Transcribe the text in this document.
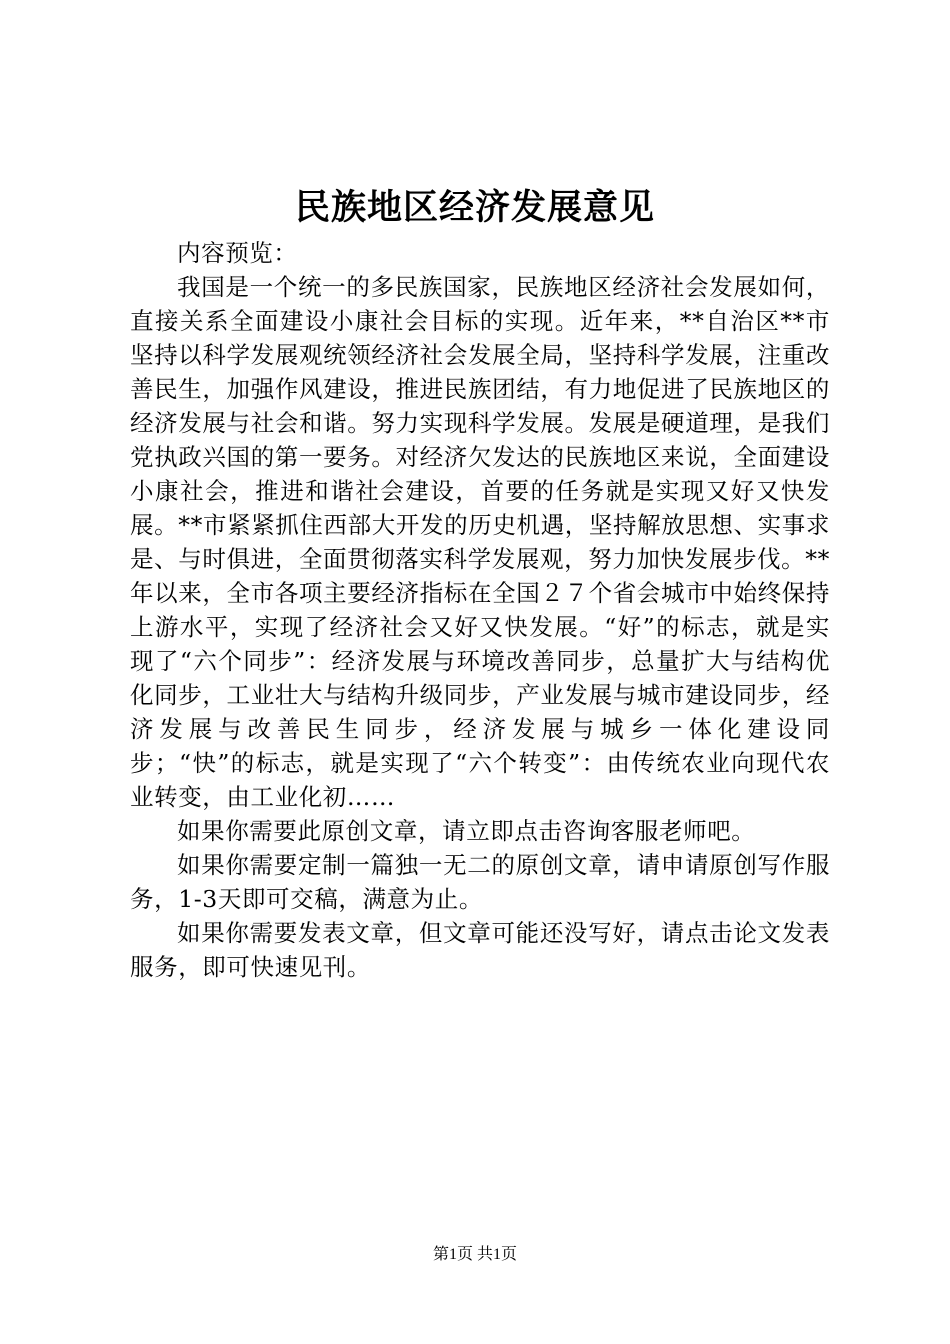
民族地区经济发展意见

内容预览：

我国是一个统一的多民族国家，民族地区经济社会发展如何，直接关系全面建设小康社会目标的实现。近年来，**自治区**市坚持以科学发展观统领经济社会发展全局，坚持科学发展，注重改善民生，加强作风建设，推进民族团结，有力地促进了民族地区的经济发展与社会和谐。努力实现科学发展。发展是硬道理，是我们党执政兴国的第一要务。对经济欠发达的民族地区来说，全面建设小康社会，推进和谐社会建设，首要的任务就是实现又好又快发展。**市紧紧抓住西部大开发的历史机遇，坚持解放思想、实事求是、与时俱进，全面贯彻落实科学发展观，努力加快发展步伐。**年以来，全市各项主要经济指标在全国２７个省会城市中始终保持上游水平，实现了经济社会又好又快发展。“好”的标志，就是实现了“六个同步”：经济发展与环境改善同步，总量扩大与结构优化同步，工业壮大与结构升级同步，产业发展与城市建设同步，经济发展与改善民生同步，经济发展与城乡一体化建设同步；“快”的标志，就是实现了“六个转变”：由传统农业向现代农业转变，由工业化初……

如果你需要此原创文章，请立即点击咨询客服老师吧。

如果你需要定制一篇独一无二的原创文章，请申请原创写作服务，1-3天即可交稿，满意为止。

如果你需要发表文章，但文章可能还没写好，请点击论文发表服务，即可快速见刊。

第1页 共1页
